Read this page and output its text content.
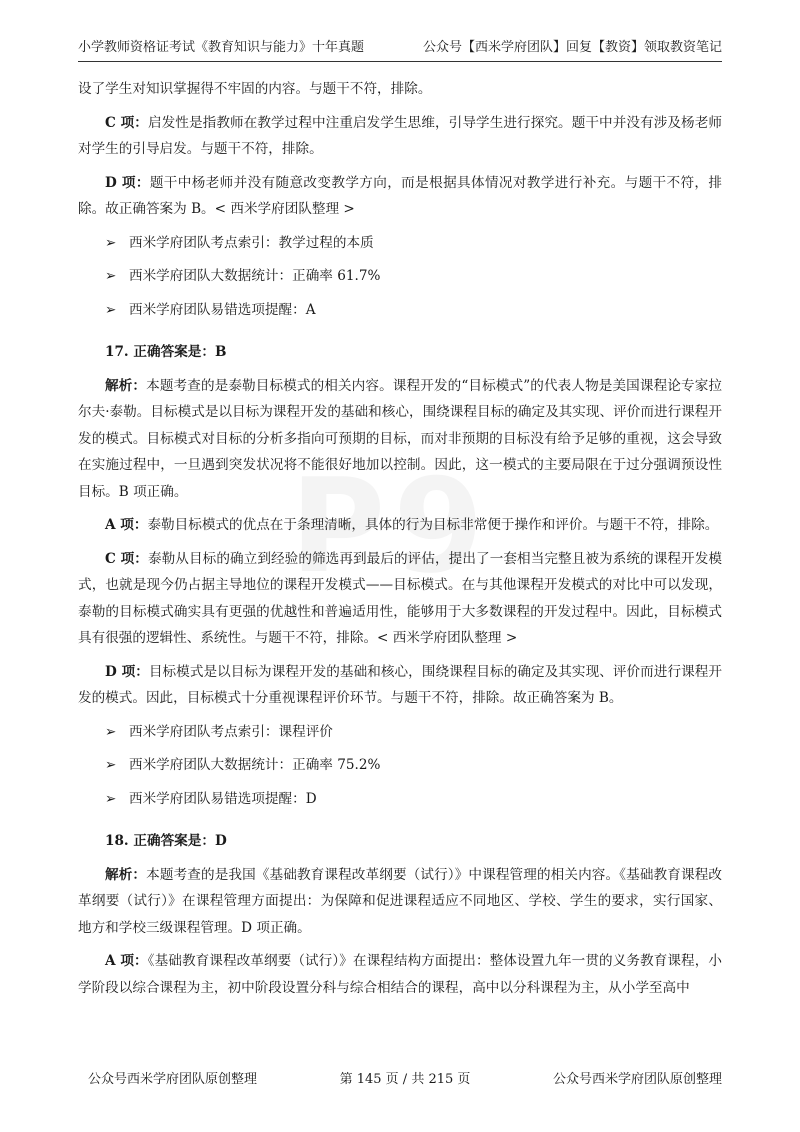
小学教师资格证考试《教育知识与能力》十年真题	公众号【西米学府团队】回复【教资】领取教资笔记

设了学生对知识掌握得不牢固的内容。与题干不符，排除。

C 项：启发性是指教师在教学过程中注重启发学生思维，引导学生进行探究。题干中并没有涉及杨老师对学生的引导启发。与题干不符，排除。

D 项：题干中杨老师并没有随意改变教学方向，而是根据具体情况对教学进行补充。与题干不符，排除。故正确答案为 B。< 西米学府团队整理 >

➢ 西米学府团队考点索引：教学过程的本质
➢ 西米学府团队大数据统计：正确率 61.7%
➢ 西米学府团队易错选项提醒：A

17. 正确答案是：B

解析：本题考查的是泰勒目标模式的相关内容。课程开发的“目标模式”的代表人物是美国课程论专家拉尔夫·泰勒。目标模式是以目标为课程开发的基础和核心，围绕课程目标的确定及其实现、评价而进行课程开发的模式。目标模式对目标的分析多指向可预期的目标，而对非预期的目标没有给予足够的重视，这会导致在实施过程中，一旦遇到突发状况将不能很好地加以控制。因此，这一模式的主要局限在于过分强调预设性目标。B 项正确。

A 项：泰勒目标模式的优点在于条理清晰，具体的行为目标非常便于操作和评价。与题干不符，排除。

C 项：泰勒从目标的确立到经验的筛选再到最后的评估，提出了一套相当完整且被为系统的课程开发模式，也就是现今仍占据主导地位的课程开发模式——目标模式。在与其他课程开发模式的对比中可以发现，泰勒的目标模式确实具有更强的优越性和普遍适用性，能够用于大多数课程的开发过程中。因此，目标模式具有很强的逻辑性、系统性。与题干不符，排除。< 西米学府团队整理 >

D 项：目标模式是以目标为课程开发的基础和核心，围绕课程目标的确定及其实现、评价而进行课程开发的模式。因此，目标模式十分重视课程评价环节。与题干不符，排除。故正确答案为 B。

➢ 西米学府团队考点索引：课程评价
➢ 西米学府团队大数据统计：正确率 75.2%
➢ 西米学府团队易错选项提醒：D

18. 正确答案是：D

解析：本题考查的是我国《基础教育课程改革纲要（试行）》中课程管理的相关内容。《基础教育课程改革纲要（试行）》在课程管理方面提出：为保障和促进课程适应不同地区、学校、学生的要求，实行国家、地方和学校三级课程管理。D 项正确。

A 项：《基础教育课程改革纲要（试行）》在课程结构方面提出：整体设置九年一贯的义务教育课程，小学阶段以综合课程为主，初中阶段设置分科与综合相结合的课程，高中以分科课程为主，从小学至高中

公众号西米学府团队原创整理	第 145 页 / 共 215 页	公众号西米学府团队原创整理
